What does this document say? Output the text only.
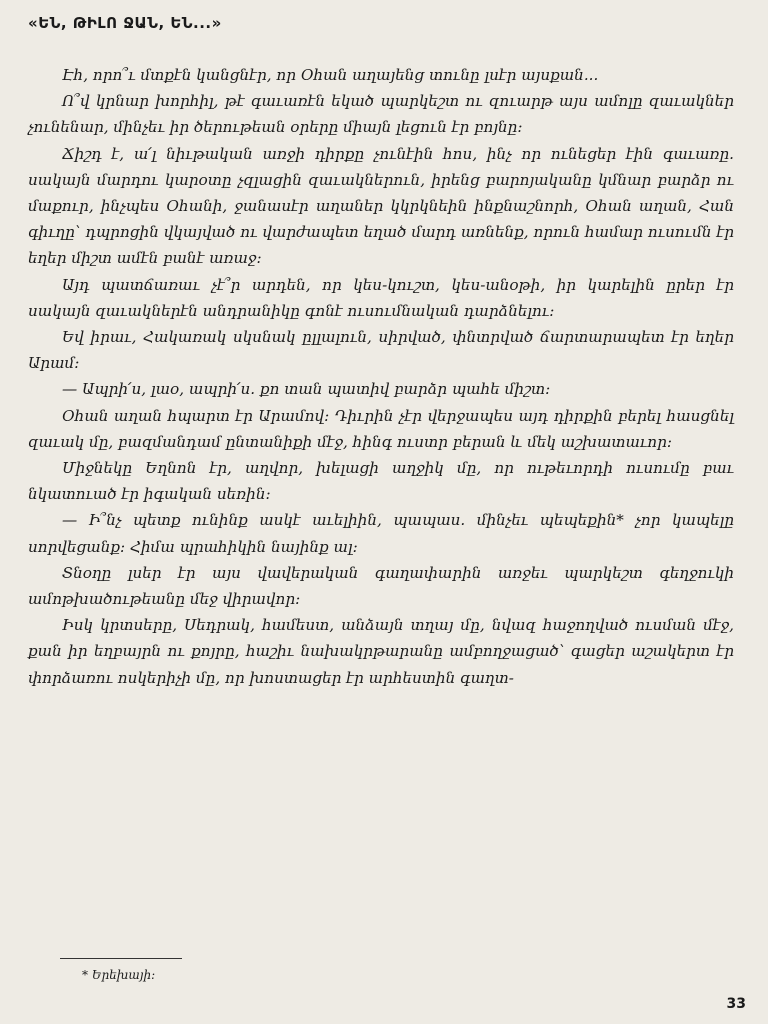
«ԵՆ, ԹԻԼՈ ՋԱՆ, ԵՆ...»

Էհ, որո՞ւ մտքէն կանցնէր, որ Օհան աղայենց տունը լսէր այսքան...

Ո՞վ կրնար խորհիլ, թէ գաւառէն եկած պարկեշտ ու զուարթ այս ամոլը զաւակներ չունենար, մինչեւ իր ծերութեան օրերը միայն լեցուն էր բոյնը։

Ճիշդ է, ա՛լ նիւթական առջի դիրքը չունէին հոս, ինչ որ ունեցեր էին գաւառը. սակայն մարդու կարօտը չզլացին զաւակներուն, իրենց բարոյականը կմնար բարձր ու մաքուր, ինչպես Օհանի, ջանասէր աղաներ կկրկնեին ինքնաշնորհ, Օհան աղան, Հան գիւղը՝ դպրոցին վկայված ու վարժապետ եղած մարդ առնենք, որուն համար ուսումն էր եղեր միշտ ամէն բանէ առաջ։

Այդ պատճառաւ չէ՞ր արդեն, որ կես-կուշտ, կես-անօթի, իր կարելին ըրեր էր սակայն զաւակներէն անդրանիկը գոնէ ուսումնական դարձնելու։

Եվ իրաւ, Հակառակ սկսնակ ըլլալուն, սիրված, փնտրված ճարտարապետ էր եղեր Արամ։

— Ապրի՛ս, լաօ, ապրի՛ս. քո տան պատիվ բարձր պահե միշտ։

Օհան աղան հպարտ էր Արամով։ Դիւրին չէր վերջապես այդ դիրքին բերել հասցնել զաւակ մը, բազմանդամ ընտանիքի մէջ, հինգ ուստր բերան և մեկ աշխատաւոր։

Միջնեկը Եղնոն էր, աղվոր, խելացի աղջիկ մը, որ ութեւորդի ուսումը բաւ նկատուած էր իգական սեռին։

— Ի՞նչ պետք ունինք ասկէ աւելիին, պապաս. մինչեւ պեպեքին* չոր կապելը սորվեցանք։ Հիմա պրահիկին նայինք ալ։

Տնօղը լսեր էր այս վավերական գաղափարին առջեւ պարկեշտ գեղջուկի ամոթխածութեանը մեջ վիրավոր։

Իսկ կրտսերը, Սեդրակ, համեստ, անձայն տղայ մը, նվազ հաջողված ուսման մէջ, քան իր եղբայրն ու քոյրը, հաշիւ նախակրթարանը ամբողջացած՝ գացեր աշակերտ էր փորձառու ոսկերիչի մը, որ խոստացեր էր արհեստին գաղտ-

* Երեխայի։
33
